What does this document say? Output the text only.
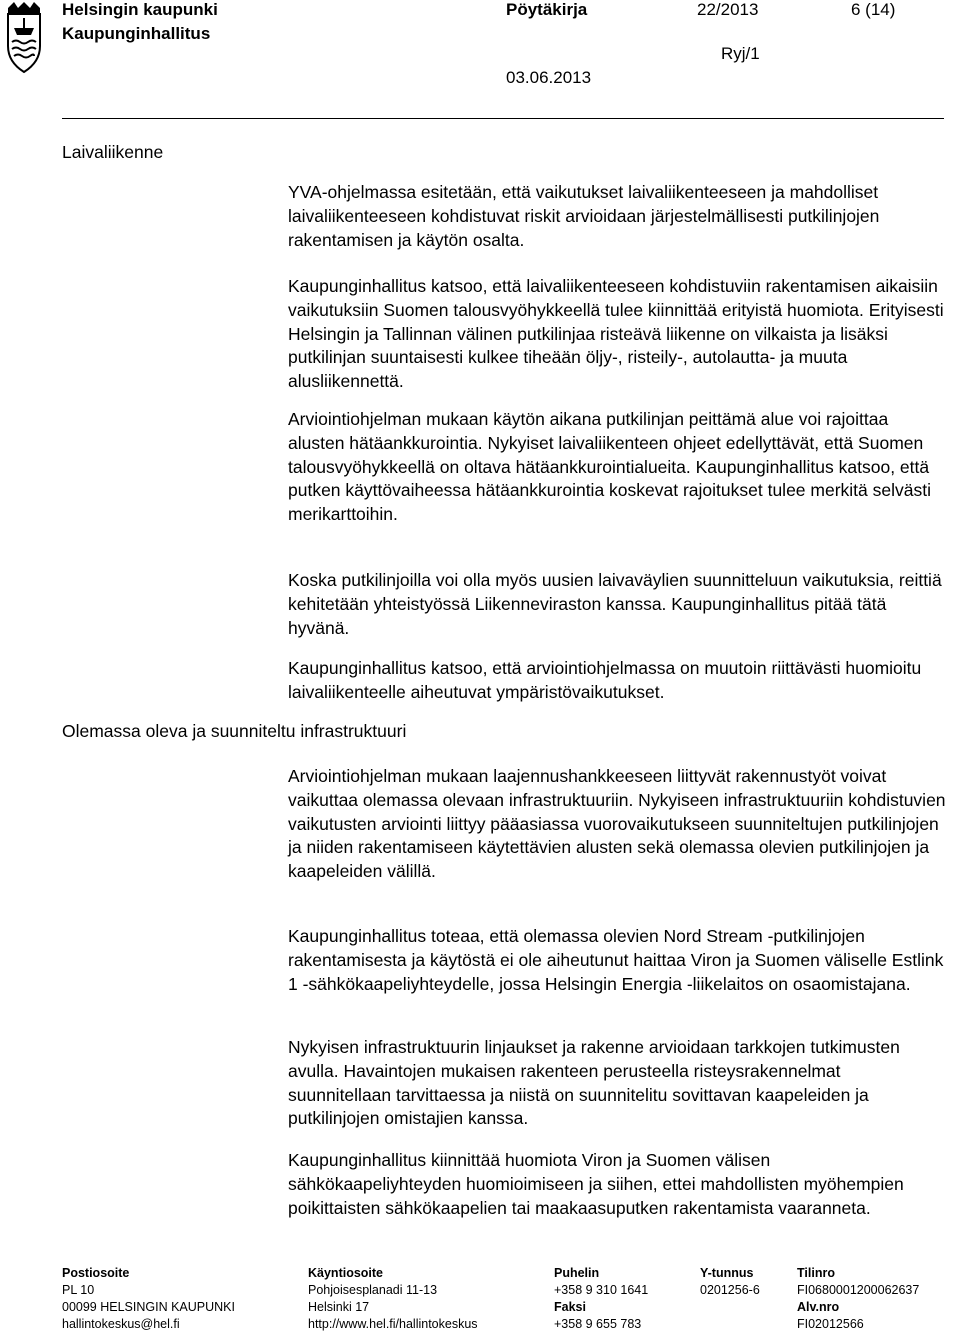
Helsingin kaupunki
Kaupunginhallitus
Pöytäkirja	22/2013	6 (14)
Ryj/1
03.06.2013
Laivaliikenne
Olemassa oleva ja suunniteltu infrastruktuuri

YVA-ohjelmassa esitetään, että vaikutukset laivaliikenteeseen ja mahdolliset laivaliikenteeseen kohdistuvat riskit arvioidaan järjestelmällisesti putkilinjojen rakentamisen ja käytön osalta.

Kaupunginhallitus katsoo, että laivaliikenteeseen kohdistuviin rakentamisen aikaisiin vaikutuksiin Suomen talousvyöhykkeellä tulee kiinnittää erityistä huomiota. Erityisesti Helsingin ja Tallinnan välinen putkilinjaa risteävä liikenne on vilkaista ja lisäksi putkilinjan suuntaisesti kulkee tiheään öljy-, risteily-, autolautta- ja muuta alusliikennettä.

Arviointiohjelman mukaan käytön aikana putkilinjan peittämä alue voi rajoittaa alusten hätäankkurointia. Nykyiset laivaliikenteen ohjeet edellyttävät, että Suomen talousvyöhykkeellä on oltava hätäankkurointialueita. Kaupunginhallitus katsoo, että putken käyttövaiheessa hätäankkurointia koskevat rajoitukset tulee merkitä selvästi merikarttoihin.

Koska putkilinjoilla voi olla myös uusien laivaväylien suunnitteluun vaikutuksia, reittiä kehitetään yhteistyössä Liikenneviraston kanssa. Kaupunginhallitus pitää tätä hyvänä.

Kaupunginhallitus katsoo, että arviointiohjelmassa on muutoin riittävästi huomioitu laivaliikenteelle aiheutuvat ympäristövaikutukset.

Arviointiohjelman mukaan laajennushankkeeseen liittyvät rakennustyöt voivat vaikuttaa olemassa olevaan infrastruktuuriin. Nykyiseen infrastruktuuriin kohdistuvien vaikutusten arviointi liittyy pääasiassa vuorovaikutukseen suunniteltujen putkilinjojen ja niiden rakentamiseen käytettävien alusten sekä olemassa olevien putkilinjojen ja kaapeleiden välillä.

Kaupunginhallitus toteaa, että olemassa olevien Nord Stream -putkilinjojen rakentamisesta ja käytöstä ei ole aiheutunut haittaa Viron ja Suomen väliselle Estlink 1 -sähkökaapeliyhteydelle, jossa Helsingin Energia -liikelaitos on osaomistajana.

Nykyisen infrastruktuurin linjaukset ja rakenne arvioidaan tarkkojen tutkimusten avulla. Havaintojen mukaisen rakenteen perusteella risteysrakennelmat suunnitellaan tarvittaessa ja niistä on suunnitelitu sovittavan kaapeleiden ja putkilinjojen omistajien kanssa.

Kaupunginhallitus kiinnittää huomiota Viron ja Suomen välisen sähkökaapeliyhteyden huomioimiseen ja siihen, ettei mahdollisten myöhempien poikittaisten sähkökaapelien tai maakaasuputken rakentamista vaaranneta.

Postiosoite
PL 10
00099 HELSINGIN KAUPUNKI
hallintokeskus@hel.fi
Käyntiosoite
Pohjoisesplanadi 11-13
Helsinki 17
http://www.hel.fi/hallintokeskus
Puhelin
+358 9 310 1641
Faksi
+358 9 655 783
Y-tunnus
0201256-6
Tilinro
FI0680001200062637
Alv.nro
FI02012566
